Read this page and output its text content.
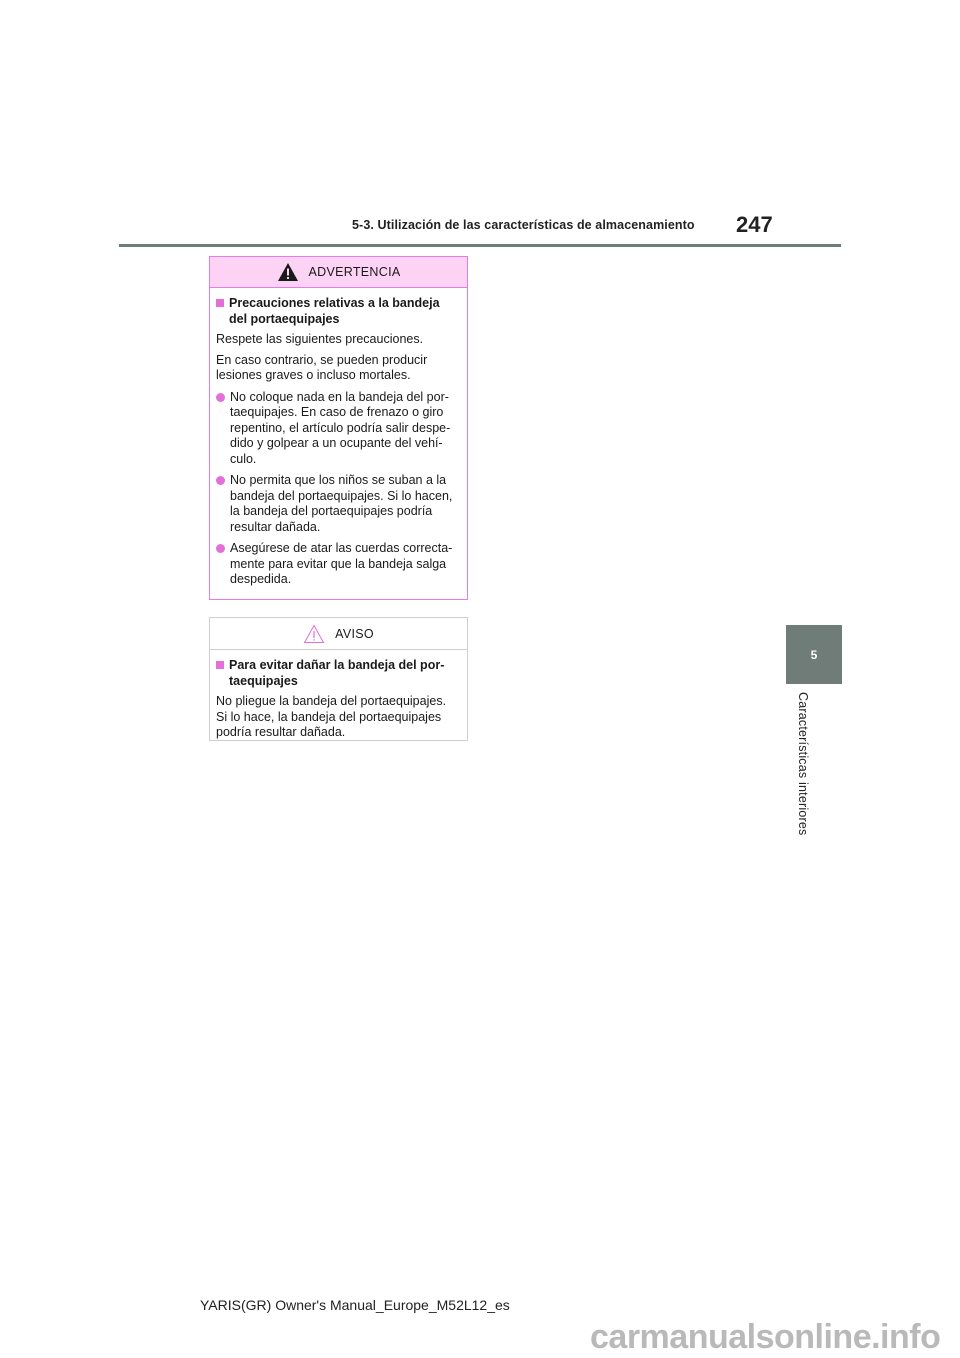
5-3. Utilización de las características de almacenamiento 247
5
Características interiores
ADVERTENCIA
Precauciones relativas a la bandeja del portaequipajes
Respete las siguientes precauciones.
En caso contrario, se pueden producir lesiones graves o incluso mortales.
No coloque nada en la bandeja del por-taequipajes. En caso de frenazo o giro repentino, el artículo podría salir despe-dido y golpear a un ocupante del vehí-culo.
No permita que los niños se suban a la bandeja del portaequipajes. Si lo hacen, la bandeja del portaequipajes podría resultar dañada.
Asegúrese de atar las cuerdas correcta-mente para evitar que la bandeja salga despedida.
AVISO
Para evitar dañar la bandeja del por-taequipajes
No pliegue la bandeja del portaequipajes. Si lo hace, la bandeja del portaequipajes podría resultar dañada.
YARIS(GR) Owner's Manual_Europe_M52L12_es
carmanualsonline.info
